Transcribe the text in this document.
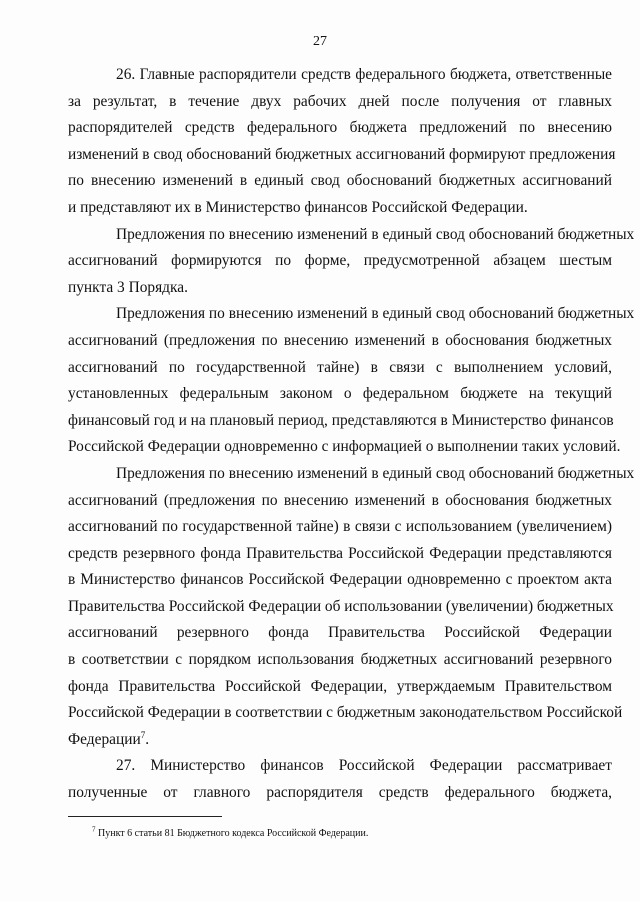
27
26. Главные распорядители средств федерального бюджета, ответственные
за результат, в течение двух рабочих дней после получения от главных
распорядителей средств федерального бюджета предложений по внесению
изменений в свод обоснований бюджетных ассигнований формируют предложения
по внесению изменений в единый свод обоснований бюджетных ассигнований
и представляют их в Министерство финансов Российской Федерации.
Предложения по внесению изменений в единый свод обоснований бюджетных
ассигнований формируются по форме, предусмотренной абзацем шестым
пункта 3 Порядка.
Предложения по внесению изменений в единый свод обоснований бюджетных
ассигнований (предложения по внесению изменений в обоснования бюджетных
ассигнований по государственной тайне) в связи с выполнением условий,
установленных федеральным законом о федеральном бюджете на текущий
финансовый год и на плановый период, представляются в Министерство финансов
Российской Федерации одновременно с информацией о выполнении таких условий.
Предложения по внесению изменений в единый свод обоснований бюджетных
ассигнований (предложения по внесению изменений в обоснования бюджетных
ассигнований по государственной тайне) в связи с использованием (увеличением)
средств резервного фонда Правительства Российской Федерации представляются
в Министерство финансов Российской Федерации одновременно с проектом акта
Правительства Российской Федерации об использовании (увеличении) бюджетных
ассигнований резервного фонда Правительства Российской Федерации
в соответствии с порядком использования бюджетных ассигнований резервного
фонда Правительства Российской Федерации, утверждаемым Правительством
Российской Федерации в соответствии с бюджетным законодательством Российской
Федерации$^7$.
27. Министерство финансов Российской Федерации рассматривает
полученные от главного распорядителя средств федерального бюджета,
$^7$ Пункт 6 статьи 81 Бюджетного кодекса Российской Федерации.
